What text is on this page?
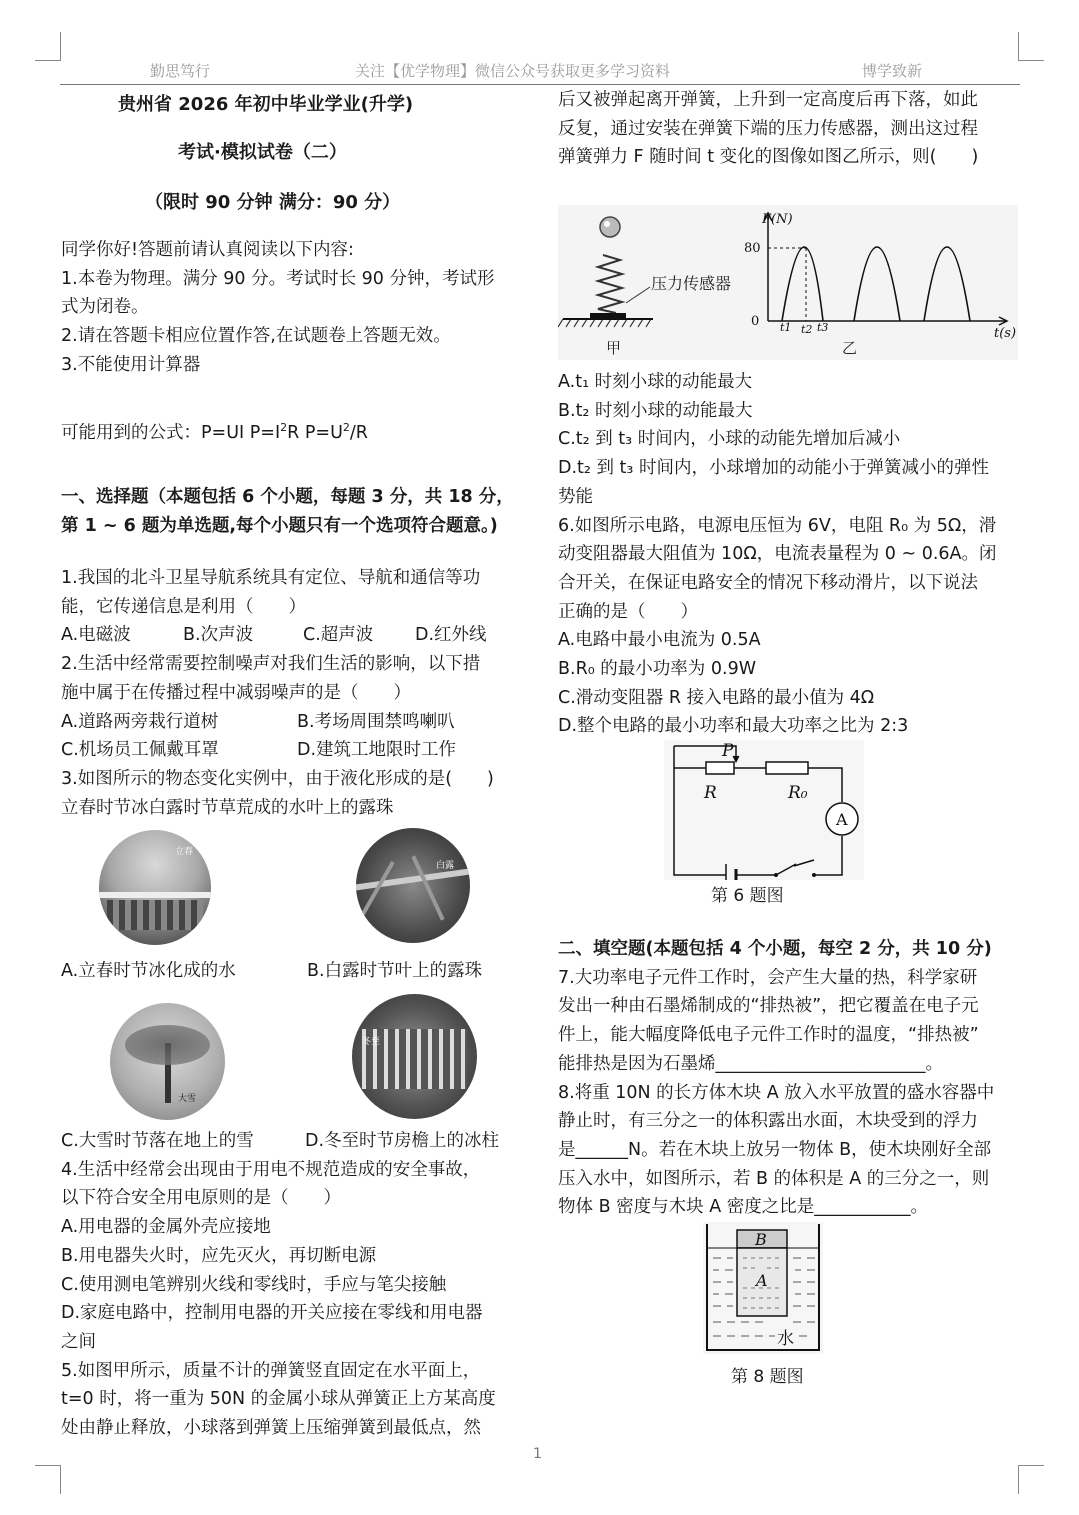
勤思笃行	关注【优学物理】微信公众号获取更多学习资料	博学致新
贵州省 2026 年初中毕业学业(升学)
考试·模拟试卷（二）
（限时 90 分钟 满分：90 分）

同学你好!答题前请认真阅读以下内容:

1.本卷为物理。满分 90 分。考试时长 90 分钟，考试形

式为闭卷。

2.请在答题卡相应位置作答,在试题卷上答题无效。

3.不能使用计算器

可能用到的公式：P=UI $P=I^2R$ $P=U^2/R$

一、选择题（本题包括 6 个小题，每题 3 分，共 18 分，

第 1 ~ 6 题为单选题,每个小题只有一个选项符合题意。)

1.我国的北斗卫星导航系统具有定位、导航和通信等功

能，它传递信息是利用（　　）

A.电磁波	B.次声波	C.超声波 D.红外线

2.生活中经常需要控制噪声对我们生活的影响，以下措

施中属于在传播过程中减弱噪声的是（　　）

A.道路两旁栽行道树	B.考场周围禁鸣喇叭

C.机场员工佩戴耳罩	D.建筑工地限时工作

3.如图所示的物态变化实例中，由于液化形成的是(　　)

立春时节冰白露时节草荒成的水叶上的露珠

立春
白露

A.立春时节冰化成的水	B.白露时节叶上的露珠

大雪
冬至

C.大雪时节落在地上的雪	D.冬至时节房檐上的冰柱

4.生活中经常会出现由于用电不规范造成的安全事故，

以下符合安全用电原则的是（　　）

A.用电器的金属外壳应接地

B.用电器失火时，应先灭火，再切断电源

C.使用测电笔辨别火线和零线时，手应与笔尖接触

D.家庭电路中，控制用电器的开关应接在零线和用电器

之间

5.如图甲所示，质量不计的弹簧竖直固定在水平面上，

t=0 时，将一重为 50N 的金属小球从弹簧正上方某高度

处由静止释放，小球落到弹簧上压缩弹簧到最低点，然

后又被弹起离开弹簧，上升到一定高度后再下落，如此

反复，通过安装在弹簧下端的压力传感器，测出这过程

弹簧弹力 F 随时间 t 变化的图像如图乙所示，则(　　)

压力传感器
甲
F(N)
80
0
t(s)
t1 t2 t3
乙

A.t₁ 时刻小球的动能最大

B.t₂ 时刻小球的动能最大

C.t₂ 到 t₃ 时间内，小球的动能先增加后减小

D.t₂ 到 t₃ 时间内，小球增加的动能小于弹簧减小的弹性

势能

6.如图所示电路，电源电压恒为 6V，电阻 R₀ 为 5Ω，滑

动变阻器最大阻值为 10Ω，电流表量程为 0 ~ 0.6A。闭

合开关，在保证电路安全的情况下移动滑片，以下说法

正确的是（　　）

A.电路中最小电流为 0.5A

B.R₀ 的最小功率为 0.9W

C.滑动变阻器 R 接入电路的最小值为 4Ω

D.整个电路的最小功率和最大功率之比为 2:3

A
P
R	R₀
第 6 题图

二、填空题(本题包括 4 个小题，每空 2 分，共 10 分)

7.大功率电子元件工作时，会产生大量的热，科学家研

发出一种由石墨烯制成的“排热被”，把它覆盖在电子元

件上，能大幅度降低电子元件工作时的温度，“排热被”

能排热是因为石墨烯________________________。

8.将重 10N 的长方体木块 A 放入水平放置的盛水容器中

静止时，有三分之一的体积露出水面，木块受到的浮力

是______N。若在木块上放另一物体 B，使木块刚好全部

压入水中，如图所示，若 B 的体积是 A 的三分之一，则

物体 B 密度与木块 A 密度之比是___________。

B
A
水
第 8 题图
1
